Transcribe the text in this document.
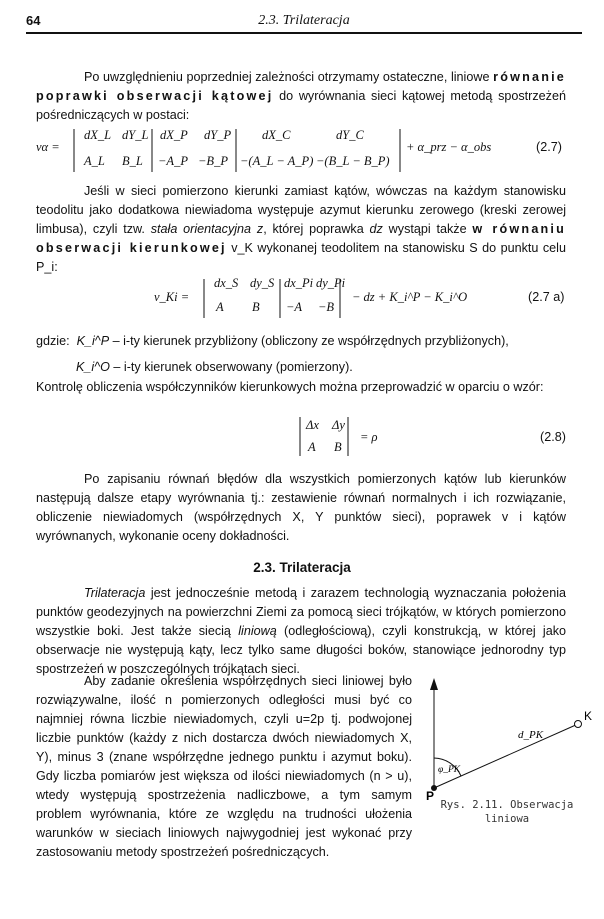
64	2.3. Trilateracja

Po uwzględnieniu poprzedniej zależności otrzymamy ostateczne, liniowe równanie poprawki obserwacji kątowej do wyrównania sieci kątowej metodą spostrzeżeń pośredniczących w postaci:

vα =
dX_L dY_L dX_P dY_P dX_C	dY_C
A_L B_L −A_P −B_P −(A_L − A_P) −(B_L − B_P)
+ α_prz − α_obs	(2.7)

Jeśli w sieci pomierzono kierunki zamiast kątów, wówczas na każdym stanowisku teodolitu jako dodatkowa niewiadoma występuje azymut kierunku zerowego (kreski zerowej limbusa), czyli tzw. stała orientacyjna z, której poprawka dz wystąpi także w równaniu obserwacji kierunkowej v_K wykonanej teodolitem na stanowisku S do punktu celu P_i:

v_Ki =
dx_S dy_S dx_Pi dy_Pi
A B −A −B
− dz + K_i^P − K_i^O	(2.7 a)
gdzie: K_i^P – i-ty kierunek przybliżony (obliczony ze współrzędnych przybliżonych),
K_i^O – i-ty kierunek obserwowany (pomierzony).

Kontrolę obliczenia współczynników kierunkowych można przeprowadzić w oparciu o wzór:

Δx Δy
A B
= ρ	(2.8)

Po zapisaniu równań błędów dla wszystkich pomierzonych kątów lub kierunków następują dalsze etapy wyrównania tj.: zestawienie równań normalnych i ich rozwiązanie, obliczenie niewiadomych (współrzędnych X, Y punktów sieci), poprawek v i kątów wyrównanych, wykonanie oceny dokładności.

2.3. Trilateracja

Trilateracja jest jednocześnie metodą i zarazem technologią wyznaczania położenia punktów geodezyjnych na powierzchni Ziemi za pomocą sieci trójkątów, w których pomierzono wszystkie boki. Jest także siecią liniową (odległościową), czyli konstrukcją, w której jako obserwacje nie występują kąty, lecz tylko same długości boków, stanowiące jednorodny typ spostrzeżeń w poszczególnych trójkątach sieci.

Aby zadanie określenia współrzędnych sieci liniowej było rozwiązywalne, ilość n pomierzonych odległości musi być co najmniej równa liczbie niewiadomych, czyli u=2p tj. podwojonej liczbie punktów (każdy z nich dostarcza dwóch niewiadomych X, Y), minus 3 (znane współrzędne jednego punktu i azymut boku). Gdy liczba pomiarów jest większa od ilości niewiadomych (n > u), wtedy występują spostrzeżenia nadliczbowe, a tym samym problem wyrównania, które ze względu na trudności ułożenia warunków w sieciach liniowych najwygodniej jest wykonać przy zastosowaniu metody spostrzeżeń pośredniczących.

P
K
d_PK
φ_PK
Rys. 2.11. Obserwacja
liniowa
